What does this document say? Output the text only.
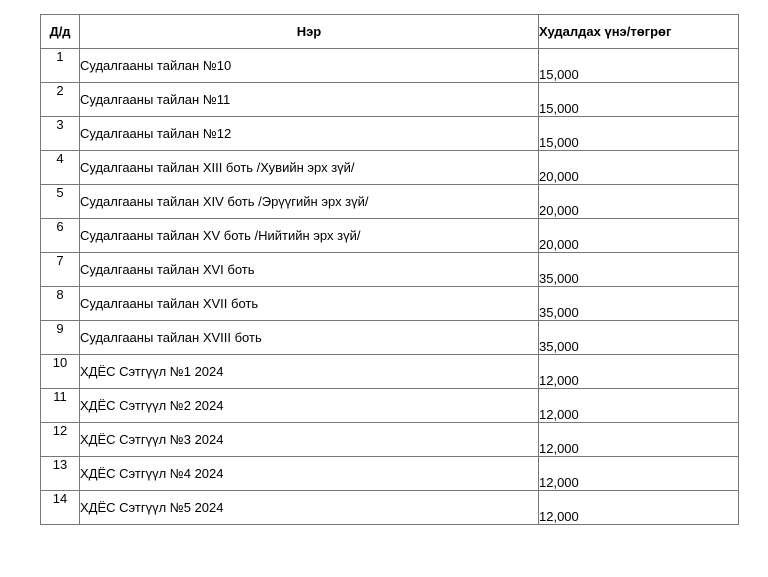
Д/д	Нэр	Худалдах үнэ/төгрөг
1	Судалгааны тайлан №10	15,000
2	Судалгааны тайлан №11	15,000
3	Судалгааны тайлан №12	15,000
4	Судалгааны тайлан XIII боть /Хувийн эрх зүй/	20,000
5	Судалгааны тайлан XIV боть /Эрүүгийн эрх зүй/	20,000
6	Судалгааны тайлан XV боть /Нийтийн эрх зүй/	20,000
7	Судалгааны тайлан XVI боть	35,000
8	Судалгааны тайлан XVII боть	35,000
9	Судалгааны тайлан XVIII боть	35,000
10	ХДЁС Сэтгүүл №1 2024	12,000
11	ХДЁС Сэтгүүл №2 2024	12,000
12	ХДЁС Сэтгүүл №3 2024	12,000
13	ХДЁС Сэтгүүл №4 2024	12,000
14	ХДЁС Сэтгүүл №5 2024	12,000
